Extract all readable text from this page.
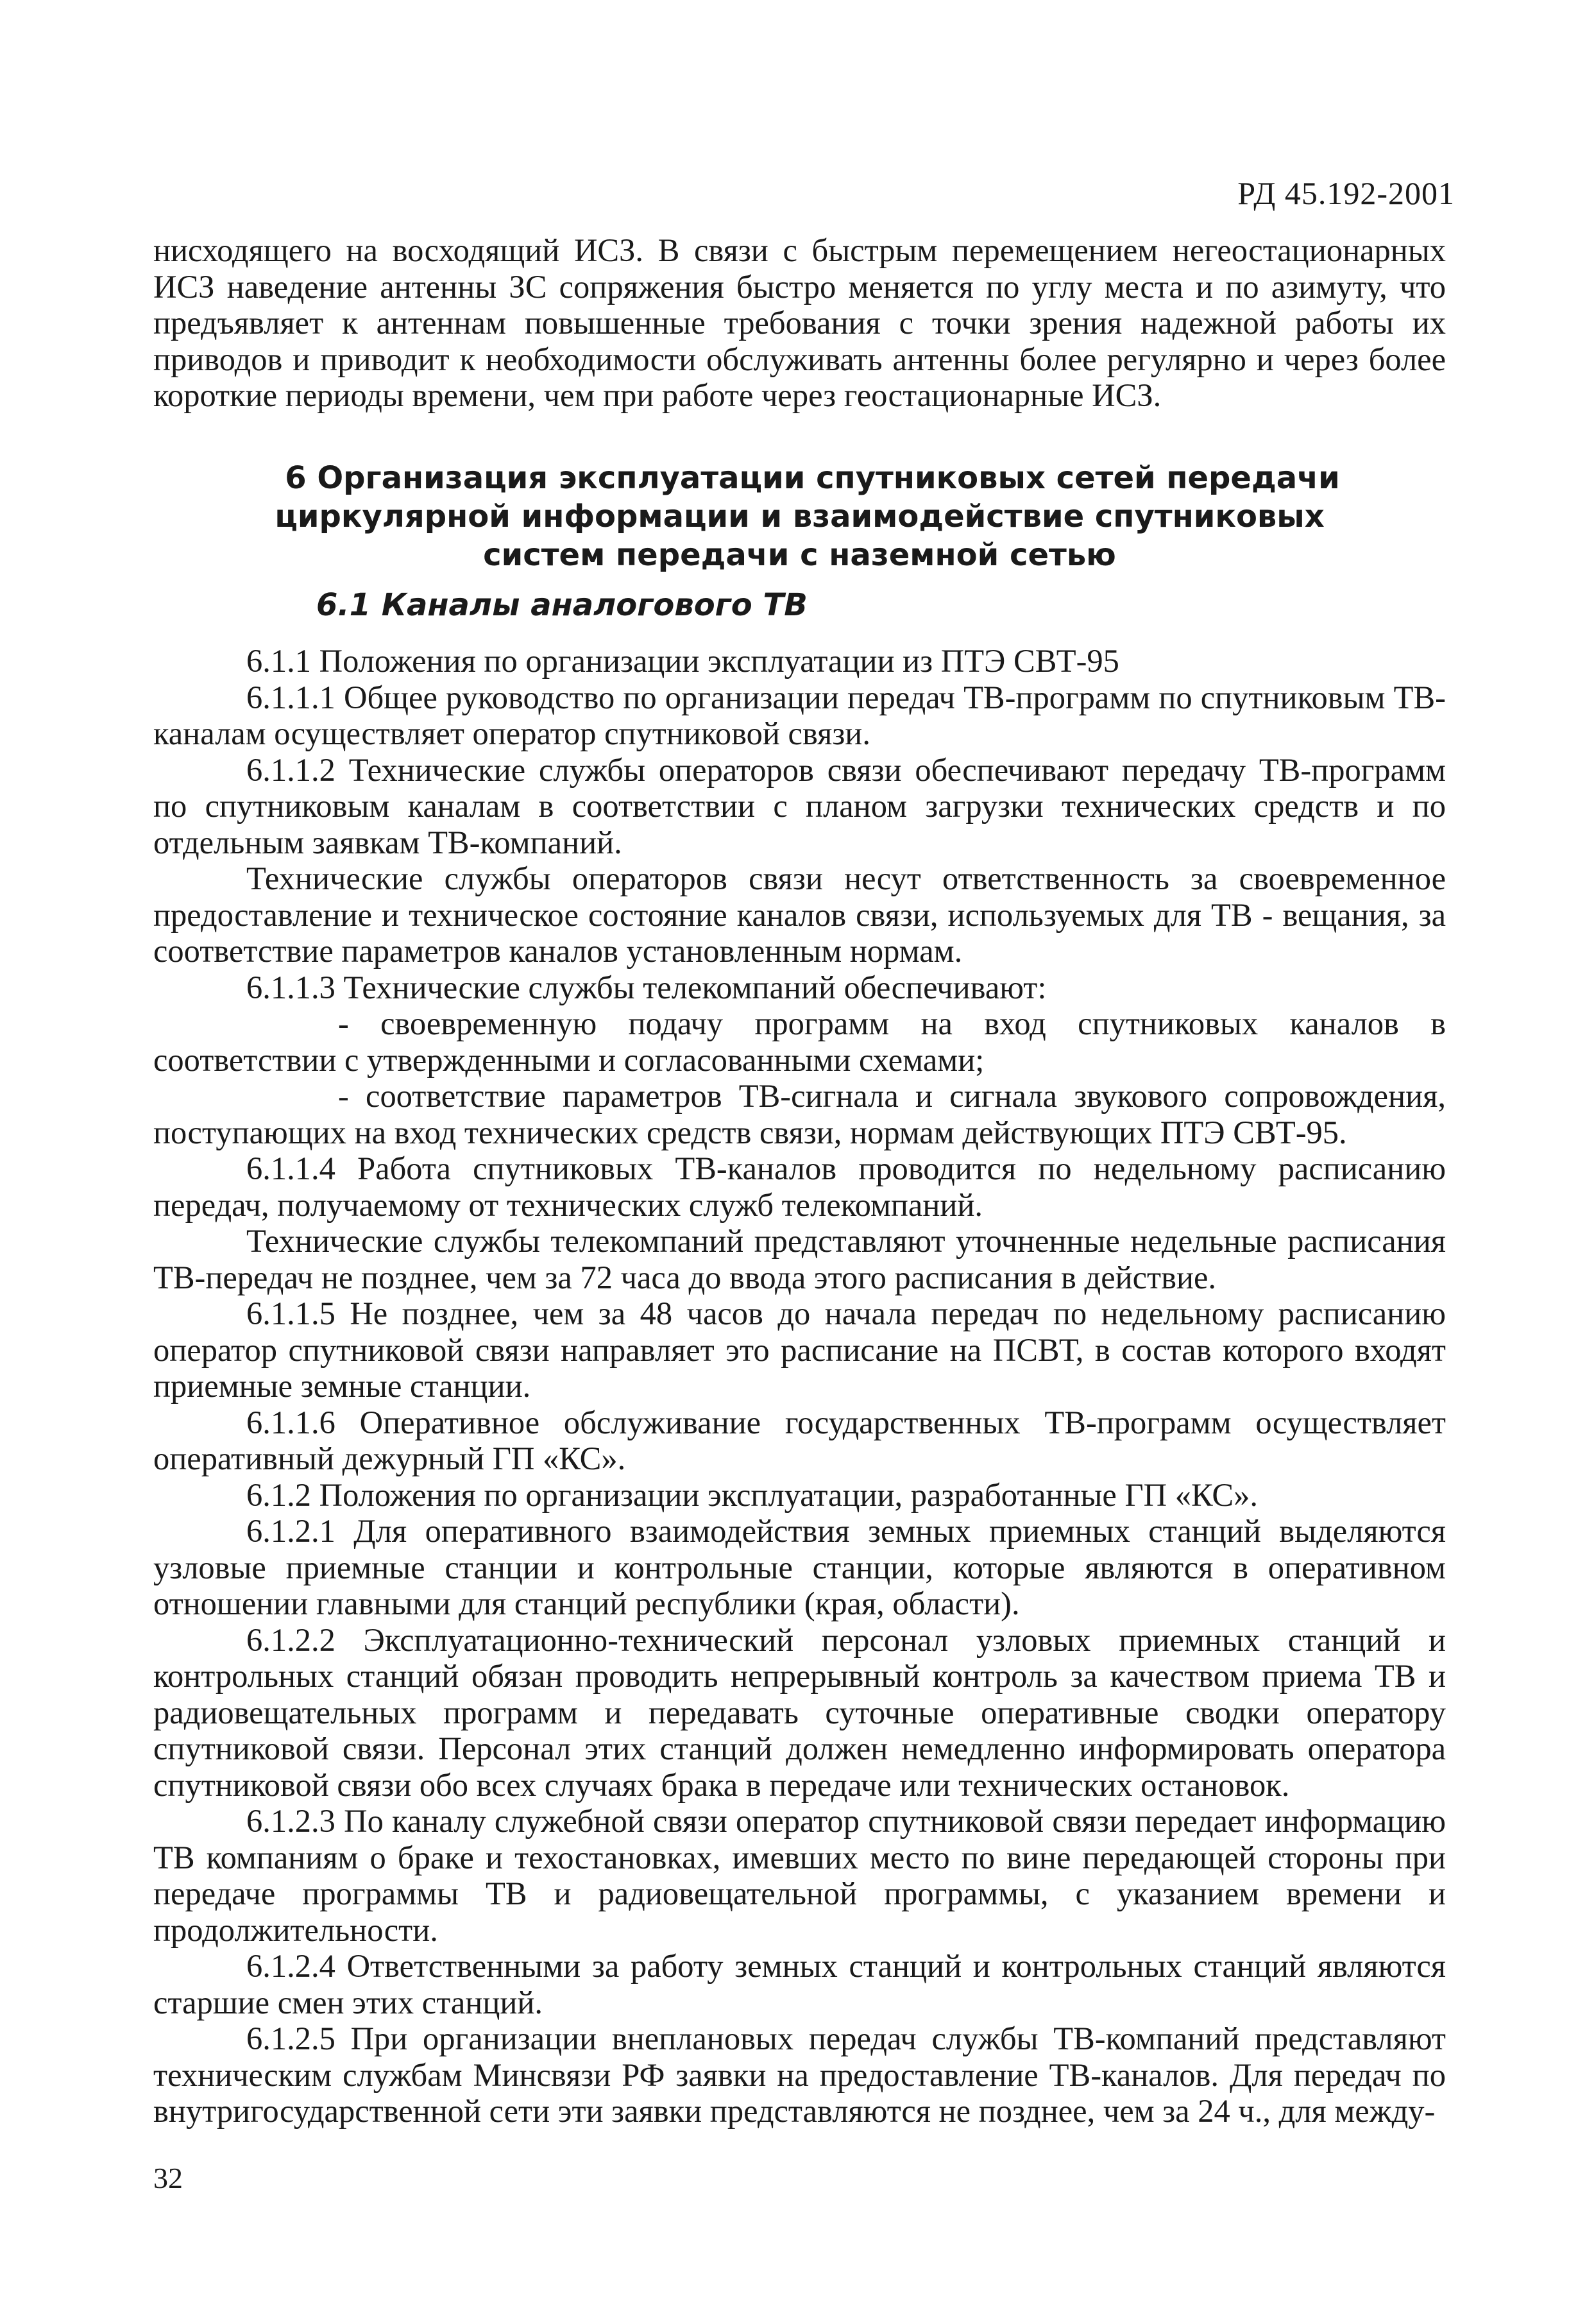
РД 45.192-2001

нисходящего на восходящий ИСЗ. В связи с быстрым перемещением негеостационарных ИСЗ наведение антенны ЗС сопряжения быстро меняется по углу места и по азимуту, что предъявляет к антеннам повышенные требования с точки зрения надежной работы их приводов и приводит к необходимости обслуживать антенны более регулярно и через более короткие периоды времени, чем при работе через геостационарные ИСЗ.

6 Организация эксплуатации спутниковых сетей передачи
циркулярной информации и взаимодействие спутниковых
систем передачи с наземной сетью
6.1 Каналы аналогового ТВ

6.1.1 Положения по организации эксплуатации из ПТЭ СВТ-95

6.1.1.1 Общее руководство по организации передач ТВ-программ по спутниковым ТВ-каналам осуществляет оператор спутниковой связи.

6.1.1.2 Технические службы операторов связи обеспечивают передачу ТВ-программ по спутниковым каналам в соответствии с планом загрузки технических средств и по отдельным заявкам ТВ-компаний.

Технические службы операторов связи несут ответственность за своевременное предоставление и техническое состояние каналов связи, используемых для ТВ - вещания, за соответствие параметров каналов установленным нормам.

6.1.1.3 Технические службы телекомпаний обеспечивают:

- своевременную подачу программ на вход спутниковых каналов в соответствии с утвержденными и согласованными схемами;

- соответствие параметров ТВ-сигнала и сигнала звукового сопровождения, поступающих на вход технических средств связи, нормам действующих ПТЭ СВТ-95.

6.1.1.4 Работа спутниковых ТВ-каналов проводится по недельному расписанию передач, получаемому от технических служб телекомпаний.

Технические службы телекомпаний представляют уточненные недельные расписания ТВ-передач не позднее, чем за 72 часа до ввода этого расписания в действие.

6.1.1.5 Не позднее, чем за 48 часов до начала передач по недельному расписанию оператор спутниковой связи направляет это расписание на ПСВТ, в состав которого входят приемные земные станции.

6.1.1.6 Оперативное обслуживание государственных ТВ-программ осуществляет оперативный дежурный ГП «КС».

6.1.2 Положения по организации эксплуатации, разработанные ГП «КС».

6.1.2.1 Для оперативного взаимодействия земных приемных станций выделяются узловые приемные станции и контрольные станции, которые являются в оперативном отношении главными для станций республики (края, области).

6.1.2.2 Эксплуатационно-технический персонал узловых приемных станций и контрольных станций обязан проводить непрерывный контроль за качеством приема ТВ и радиовещательных программ и передавать суточные оперативные сводки оператору спутниковой связи. Персонал этих станций должен немедленно информировать оператора спутниковой связи обо всех случаях брака в передаче или технических остановок.

6.1.2.3 По каналу служебной связи оператор спутниковой связи передает информацию ТВ компаниям о браке и техостановках, имевших место по вине передающей стороны при передаче программы ТВ и радиовещательной программы, с указанием времени и продолжительности.

6.1.2.4 Ответственными за работу земных станций и контрольных станций являются старшие смен этих станций.

6.1.2.5 При организации внеплановых передач службы ТВ-компаний представляют техническим службам Минсвязи РФ заявки на предоставление ТВ-каналов. Для передач по внутригосударственной сети эти заявки представляются не позднее, чем за 24 ч., для между-

32
